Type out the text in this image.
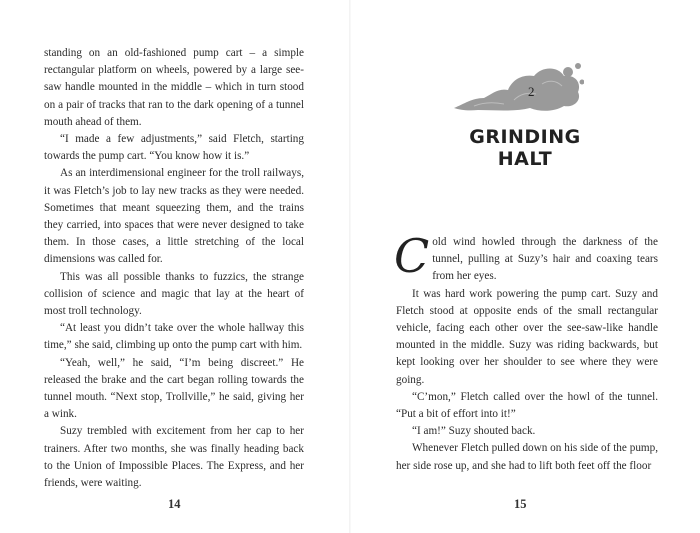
standing on an old-fashioned pump cart – a simple rectangular platform on wheels, powered by a large see-saw handle mounted in the middle – which in turn stood on a pair of tracks that ran to the dark opening of a tunnel mouth ahead of them.

“I made a few adjustments,” said Fletch, starting towards the pump cart. “You know how it is.”

As an interdimensional engineer for the troll railways, it was Fletch’s job to lay new tracks as they were needed. Sometimes that meant squeezing them, and the trains they carried, into spaces that were never designed to take them. In those cases, a little stretching of the local dimensions was called for.

This was all possible thanks to fuzzics, the strange collision of science and magic that lay at the heart of most troll technology.

“At least you didn’t take over the whole hallway this time,” she said, climbing up onto the pump cart with him.

“Yeah, well,” he said, “I’m being discreet.” He released the brake and the cart began rolling towards the tunnel mouth. “Next stop, Trollville,” he said, giving her a wink.

Suzy trembled with excitement from her cap to her trainers. After two months, she was finally heading back to the Union of Impossible Places. The Express, and her friends, were waiting.

14
2
GRINDING HALT

Cold wind howled through the darkness of the tunnel, pulling at Suzy’s hair and coaxing tears from her eyes.

It was hard work powering the pump cart. Suzy and Fletch stood at opposite ends of the small rectangular vehicle, facing each other over the see-saw-like handle mounted in the middle. Suzy was riding backwards, but kept looking over her shoulder to see where they were going.

“C’mon,” Fletch called over the howl of the tunnel. “Put a bit of effort into it!”

“I am!” Suzy shouted back.

Whenever Fletch pulled down on his side of the pump, her side rose up, and she had to lift both feet off the floor

15
